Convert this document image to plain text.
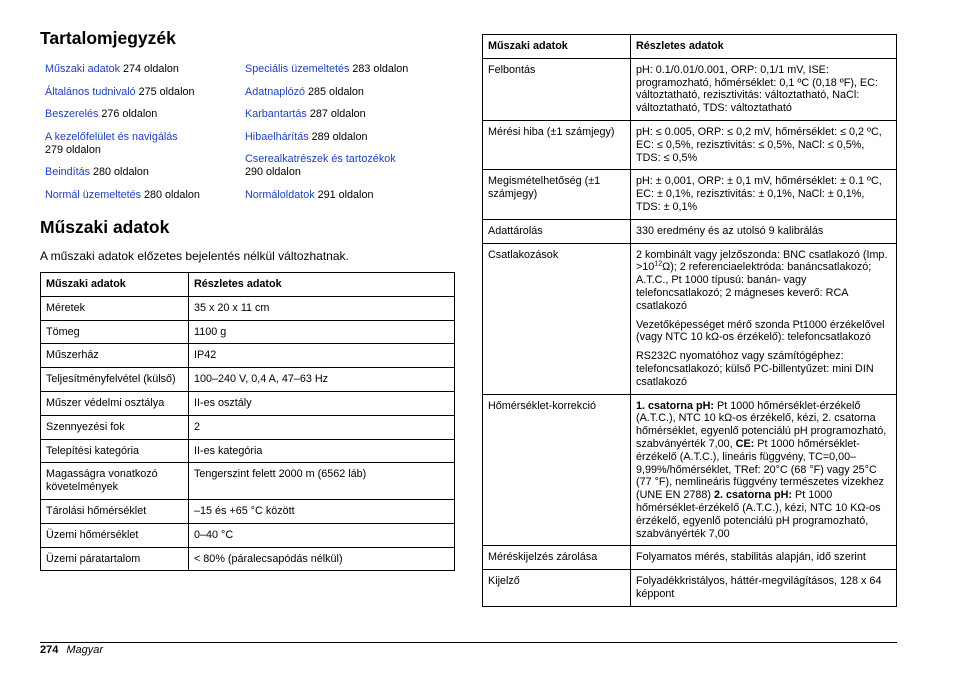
Tartalomjegyzék
Műszaki adatok 274 oldalon
Általános tudnivaló 275 oldalon
Beszerelés 276 oldalon
A kezelőfelület és navigálás
279 oldalon
Beindítás 280 oldalon
Normál üzemeltetés 280 oldalon
Speciális üzemeltetés 283 oldalon
Adatnaplózó 285 oldalon
Karbantartás 287 oldalon
Hibaelhárítás 289 oldalon
Cserealkatrészek és tartozékok
290 oldalon
Normáloldatok 291 oldalon
Műszaki adatok

A műszaki adatok előzetes bejelentés nélkül változhatnak.

Műszaki adatok	Részletes adatok
Méretek	35 x 20 x 11 cm
Tömeg	1100 g
Műszerház	IP42
Teljesítményfelvétel (külső)	100–240 V, 0,4 A, 47–63 Hz
Műszer védelmi osztálya	II-es osztály
Szennyezési fok	2
Telepítési kategória	II-es kategória
Magasságra vonatkozó követelmények	Tengerszint felett 2000 m (6562 láb)
Tárolási hőmérséklet	–15 és +65 °C között
Üzemi hőmérséklet	0–40 °C
Üzemi páratartalom	< 80% (páralecsapódás nélkül)
Műszaki adatok	Részletes adatok
Felbontás	pH: 0.1/0.01/0.001, ORP: 0,1/1 mV, ISE: programozható, hőmérséklet: 0,1 ºC (0,18 ºF), EC: változtatható, rezisztivitás: változtatható, NaCl: változtatható, TDS: változtatható
Mérési hiba (±1 számjegy)	pH: ≤ 0.005, ORP: ≤ 0,2 mV, hőmérséklet: ≤ 0,2 ºC, EC: ≤ 0,5%, rezisztivitás: ≤ 0,5%, NaCl: ≤ 0,5%, TDS: ≤ 0,5%
Megismételhetőség (±1 számjegy)	pH: ± 0,001, ORP: ± 0,1 mV, hőmérséklet: ± 0.1 ºC, EC: ± 0,1%, rezisztivitás: ± 0,1%, NaCl: ± 0,1%, TDS: ± 0,1%
Adattárolás	330 eredmény és az utolsó 9 kalibrálás
Csatlakozások	2 kombinált vagy jelzőszonda: BNC csatlakozó (Imp. $>10^{12}\Omega$); 2 referenciaelektróda: banáncsatlakozó; A.T.C., Pt 1000 típusú: banán- vagy telefoncsatlakozó; 2 mágneses keverő: RCA csatlakozó

Vezetőképességet mérő szonda Pt1000 érzékelővel (vagy NTC 10 kΩ-os érzékelő): telefoncsatlakozó

RS232C nyomatóhoz vagy számítógéphez: telefoncsatlakozó; külső PC-billentyűzet: mini DIN csatlakozó

Hőmérséklet-korrekció	1. csatorna pH: Pt 1000 hőmérséklet-érzékelő (A.T.C.), NTC 10 kΩ-os érzékelő, kézi, 2. csatorna hőmérséklet, egyenlő potenciálú pH programozható, szabványérték 7,00, CE: Pt 1000 hőmérséklet-érzékelő (A.T.C.), lineáris függvény, TC=0,00– 9,99%/hőmérséklet, TRef: 20°C (68 °F) vagy 25°C (77 °F), nemlineáris függvény természetes vizekhez (UNE EN 2788) 2. csatorna pH: Pt 1000 hőmérséklet-érzékelő (A.T.C.), kézi, NTC 10 KΩ-os érzékelő, egyenlő potenciálú pH programozható, szabványérték 7,00
Méréskijelzés zárolása	Folyamatos mérés, stabilitás alapján, idő szerint
Kijelző	Folyadékkristályos, háttér-megvilágításos, 128 x 64 képpont
274 Magyar
